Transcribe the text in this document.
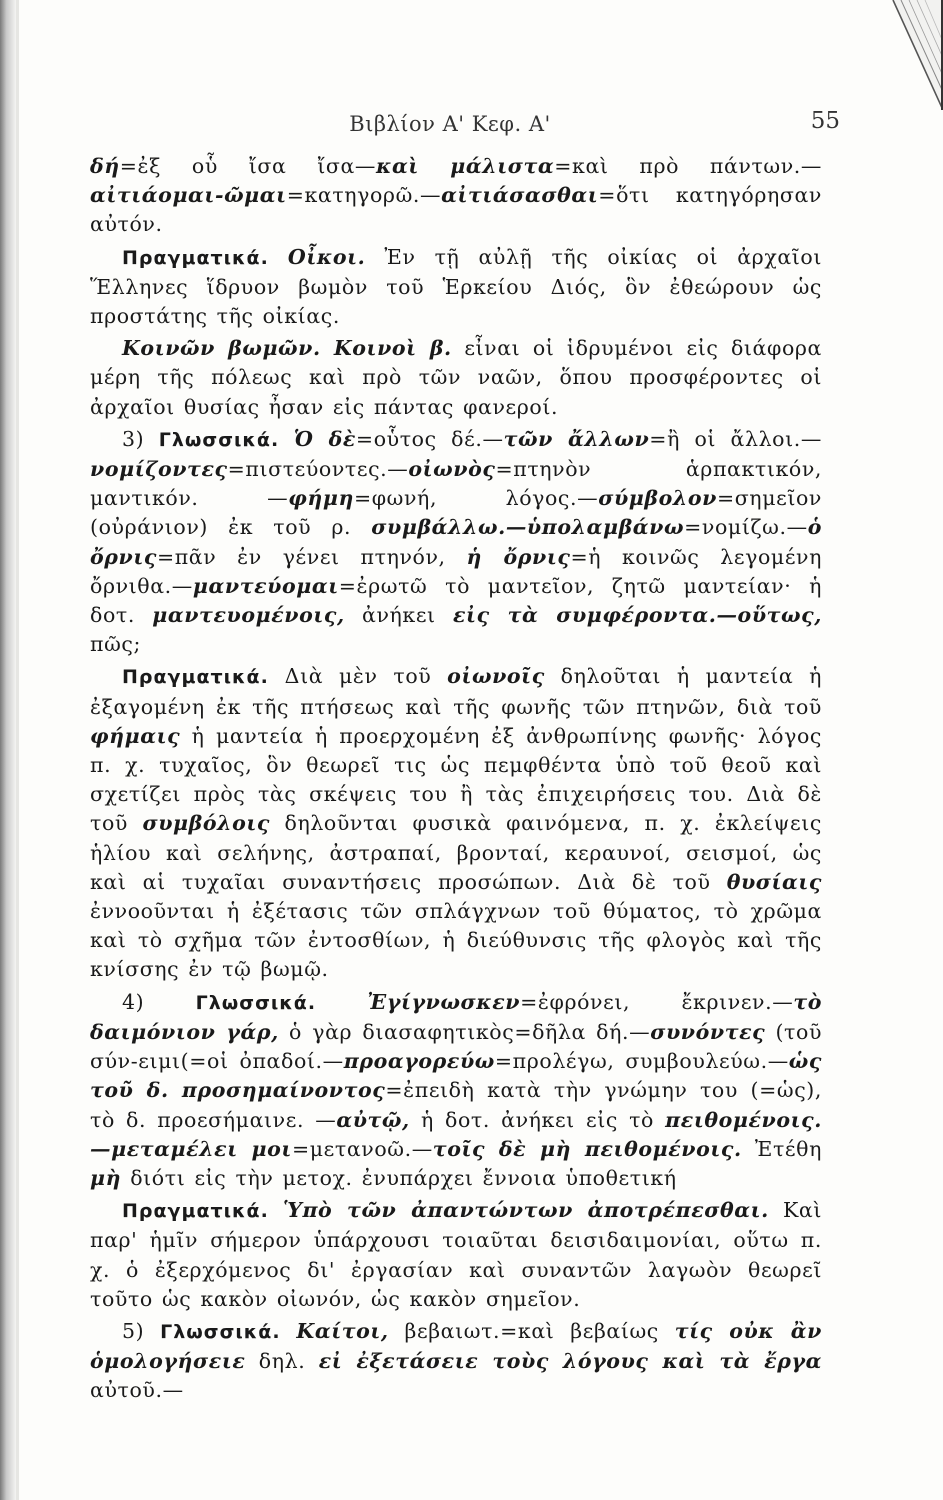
Βιβλίον Α' Κεφ. Α'	55

δή=ἐξ οὗ ἴσα ἴσα—καὶ μάλιστα=καὶ πρὸ πάντων.—αἰτιάομαι-ῶμαι=κατηγορῶ.—αἰτιάσασθαι=ὅτι κατηγόρησαν αὐτόν.

Πραγματικά. Οἶκοι. Ἐν τῇ αὐλῇ τῆς οἰκίας οἱ ἀρχαῖοι Ἕλληνες ἵδρυον βωμὸν τοῦ Ἑρκείου Διός, ὃν ἐθεώρουν ὡς προστάτης τῆς οἰκίας.

Κοινῶν βωμῶν. Κοινοὶ β. εἶναι οἱ ἱδρυμένοι εἰς διάφορα μέρη τῆς πόλεως καὶ πρὸ τῶν ναῶν, ὅπου προσφέροντες οἱ ἀρχαῖοι θυσίας ἦσαν εἰς πάντας φανεροί.

3) Γλωσσικά. Ὁ δὲ=οὗτος δέ.—τῶν ἄλλων=ἢ οἱ ἄλλοι.—νομίζοντες=πιστεύοντες.—οἰωνὸς=πτηνὸν ἁρπακτικόν, μαντικόν. —φήμη=φωνή, λόγος.—σύμβολον=σημεῖον (οὐράνιον) ἐκ τοῦ ρ. συμβάλλω.—ὑπολαμβάνω=νομίζω.—ὁ ὄρνις=πᾶν ἐν γένει πτηνόν, ἡ ὄρνις=ἡ κοινῶς λεγομένη ὄρνιθα.—μαντεύομαι=ἐρωτῶ τὸ μαντεῖον, ζητῶ μαντείαν· ἡ δοτ. μαντευομένοις, ἀνήκει εἰς τὰ συμφέροντα.—οὕτως, πῶς;

Πραγματικά. Διὰ μὲν τοῦ οἰωνοῖς δηλοῦται ἡ μαντεία ἡ ἐξαγομένη ἐκ τῆς πτήσεως καὶ τῆς φωνῆς τῶν πτηνῶν, διὰ τοῦ φήμαις ἡ μαντεία ἡ προερχομένη ἐξ ἀνθρωπίνης φωνῆς· λόγος π. χ. τυχαῖος, ὃν θεωρεῖ τις ὡς πεμφθέντα ὑπὸ τοῦ θεοῦ καὶ σχετίζει πρὸς τὰς σκέψεις του ἢ τὰς ἐπιχειρήσεις του. Διὰ δὲ τοῦ συμβόλοις δηλοῦνται φυσικὰ φαινόμενα, π. χ. ἐκλείψεις ἡλίου καὶ σελήνης, ἀστραπαί, βρονταί, κεραυνοί, σεισμοί, ὡς καὶ αἱ τυχαῖαι συναντήσεις προσώπων. Διὰ δὲ τοῦ θυσίαις ἐννοοῦνται ἡ ἐξέτασις τῶν σπλάγχνων τοῦ θύματος, τὸ χρῶμα καὶ τὸ σχῆμα τῶν ἐντοσθίων, ἡ διεύθυνσις τῆς φλογὸς καὶ τῆς κνίσσης ἐν τῷ βωμῷ.

4) Γλωσσικά.	Ἐγίγνωσκεν=ἐφρόνει, ἔκρινεν.—τὸ δαιμόνιον γάρ, ὁ γὰρ διασαφητικὸς=δῆλα δή.—συνόντες (τοῦ σύν-ειμι(=οἱ ὀπαδοί.—προαγορεύω=προλέγω, συμβουλεύω.—ὡς τοῦ δ. προσημαίνοντος=ἐπειδὴ κατὰ τὴν γνώμην του (=ὡς), τὸ δ. προεσήμαινε. —αὐτῷ, ἡ δοτ. ἀνήκει εἰς τὸ πειθομένοις.—μεταμέλει μοι=μετανοῶ.—τοῖς δὲ μὴ πειθομένοις. Ἐτέθη μὴ διότι εἰς τὴν μετοχ. ἐνυπάρχει ἔννοια ὑποθετική

Πραγματικά. Ὑπὸ τῶν ἀπαντώντων ἀποτρέπεσθαι. Καὶ παρ' ἡμῖν σήμερον ὑπάρχουσι τοιαῦται δεισιδαιμονίαι, οὕτω π. χ. ὁ ἐξερχόμενος δι' ἐργασίαν καὶ συναντῶν λαγωὸν θεωρεῖ τοῦτο ὡς κακὸν οἰωνόν, ὡς κακὸν σημεῖον.

5) Γλωσσικά. Καίτοι, βεβαιωτ.=καὶ βεβαίως τίς οὐκ ἂν ὁμολογήσειε δηλ. εἰ ἐξετάσειε τοὺς λόγους καὶ τὰ ἔργα αὐτοῦ.—
